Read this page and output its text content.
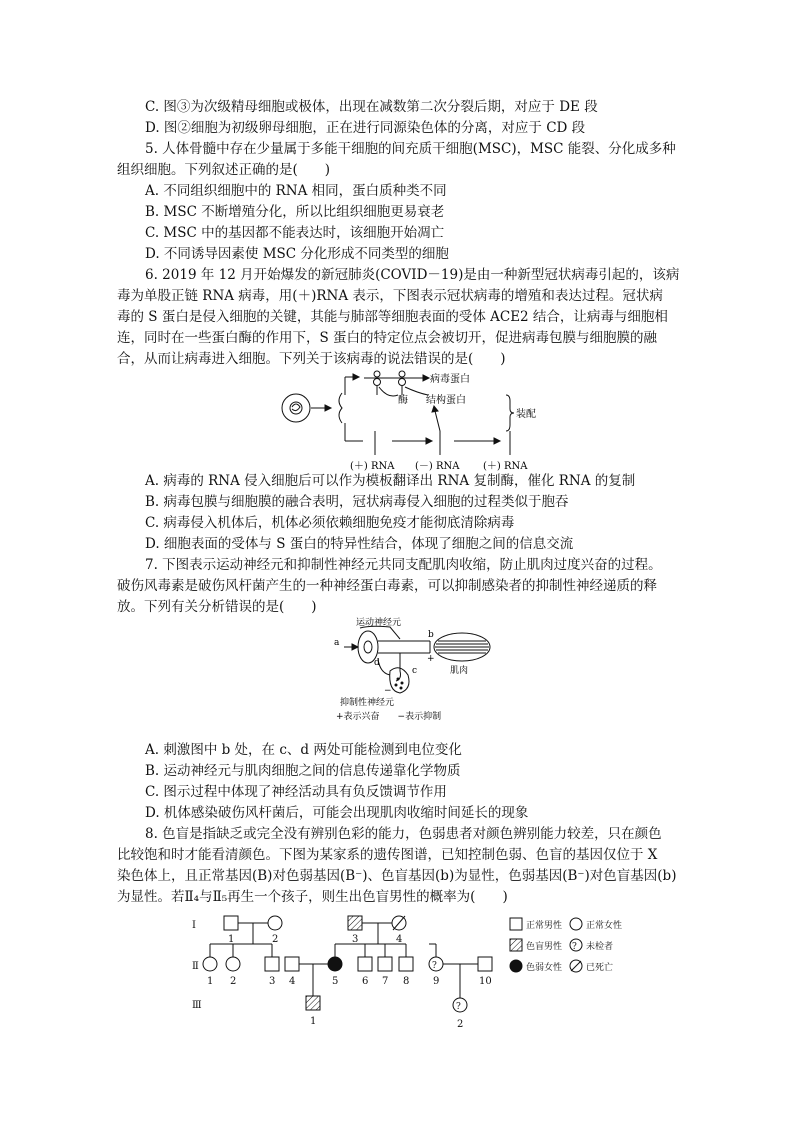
C. 图③为次级精母细胞或极体，出现在减数第二次分裂后期，对应于 DE 段
D. 图②细胞为初级卵母细胞，正在进行同源染色体的分离，对应于 CD 段
5. 人体骨髓中存在少量属于多能干细胞的间充质干细胞(MSC)，MSC 能裂、分化成多种
组织细胞。下列叙述正确的是(　　)
A. 不同组织细胞中的 RNA 相同，蛋白质种类不同
B. MSC 不断增殖分化，所以比组织细胞更易衰老
C. MSC 中的基因都不能表达时，该细胞开始凋亡
D. 不同诱导因素使 MSC 分化形成不同类型的细胞
6. 2019 年 12 月开始爆发的新冠肺炎(COVID－19)是由一种新型冠状病毒引起的，该病
毒为单股正链 RNA 病毒，用(＋)RNA 表示，下图表示冠状病毒的增殖和表达过程。冠状病
毒的 S 蛋白是侵入细胞的关键，其能与肺部等细胞表面的受体 ACE2 结合，让病毒与细胞相
连，同时在一些蛋白酶的作用下，S 蛋白的特定位点会被切开，促进病毒包膜与细胞膜的融
合，从而让病毒进入细胞。下列关于该病毒的说法错误的是(　　)
病毒蛋白
酶 结构蛋白
装配
(＋) RNA (－) RNA (＋) RNA
A. 病毒的 RNA 侵入细胞后可以作为模板翻译出 RNA 复制酶，催化 RNA 的复制
B. 病毒包膜与细胞膜的融合表明，冠状病毒侵入细胞的过程类似于胞吞
C. 病毒侵入机体后，机体必须依赖细胞免疫才能彻底清除病毒
D. 细胞表面的受体与 S 蛋白的特异性结合，体现了细胞之间的信息交流
7. 下图表示运动神经元和抑制性神经元共同支配肌肉收缩，防止肌肉过度兴奋的过程。
破伤风毒素是破伤风杆菌产生的一种神经蛋白毒素，可以抑制感染者的抑制性神经递质的释
放。下列有关分析错误的是(　　)
运动神经元
a
b
+
c
d
−
肌肉
抑制性神经元
+表示兴奋　　−表示抑制
A. 刺激图中 b 处，在 c、d 两处可能检测到电位变化
B. 运动神经元与肌肉细胞之间的信息传递靠化学物质
C. 图示过程中体现了神经活动具有负反馈调节作用
D. 机体感染破伤风杆菌后，可能会出现肌肉收缩时间延长的现象
8. 色盲是指缺乏或完全没有辨别色彩的能力，色弱患者对颜色辨别能力较差，只在颜色
比较饱和时才能看清颜色。下图为某家系的遗传图谱，已知控制色弱、色盲的基因仅位于 X
染色体上，且正常基因(B)对色弱基因(B⁻)、色盲基因(b)为显性，色弱基因(B⁻)对色盲基因(b)
为显性。若Ⅱ₄与Ⅱ₅再生一个孩子，则生出色盲男性的概率为(　　)
Ⅰ
Ⅱ
Ⅲ
1	2	3	4
1 2	3 4	5 6 7 8 9	10
1	2
?
?
?
正常男性	正常女性
色盲男性	未检者
色弱女性	已死亡
